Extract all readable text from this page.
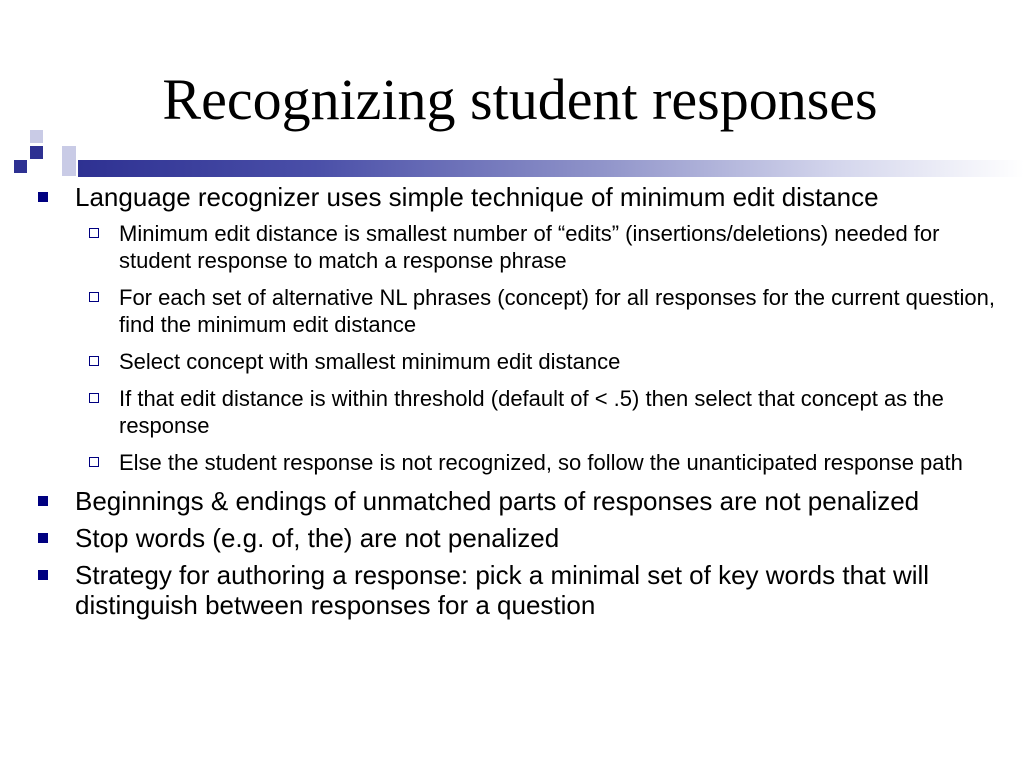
Recognizing student responses
Language recognizer uses simple technique of minimum edit distance
Minimum edit distance is smallest number of “edits” (insertions/deletions) needed for student response to match a response phrase
For each set of alternative NL phrases (concept) for all responses for the current question, find the minimum edit distance
Select concept with smallest minimum edit distance
If that edit distance is within threshold (default of < .5) then select that concept as the response
Else the student response is not recognized, so follow the unanticipated response path
Beginnings & endings of unmatched parts of responses are not penalized
Stop words (e.g. of, the) are not penalized
Strategy for authoring a response: pick a minimal set of key words that will distinguish between responses for a question
